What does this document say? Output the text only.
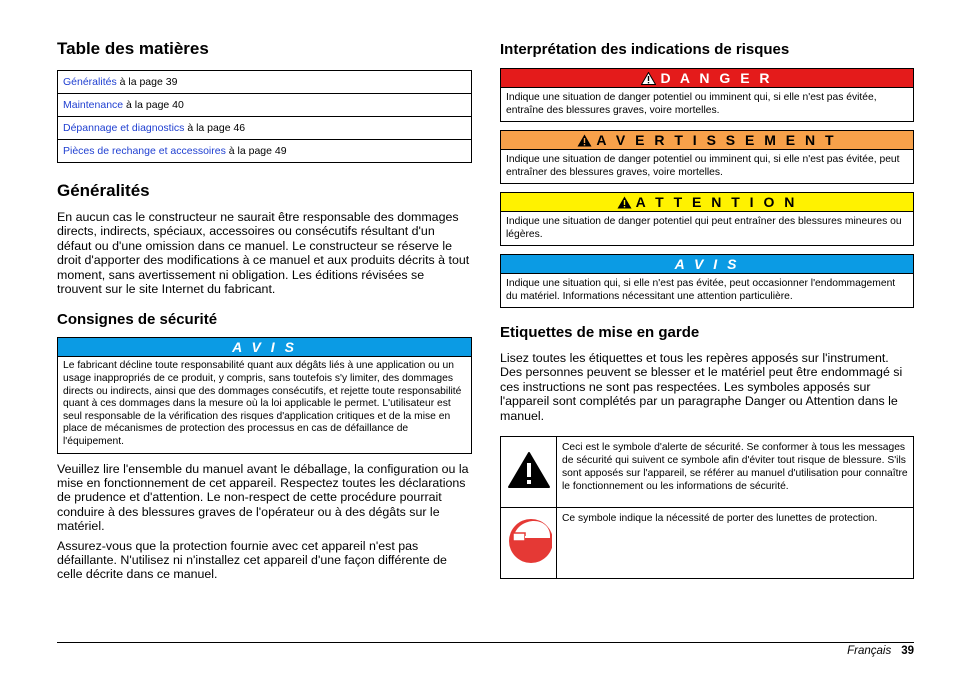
Table des matières
Généralités à la page 39
Maintenance à la page 40
Dépannage et diagnostics à la page 46
Pièces de rechange et accessoires à la page 49
Généralités

En aucun cas le constructeur ne saurait être responsable des dommages directs, indirects, spéciaux, accessoires ou consécutifs résultant d'un défaut ou d'une omission dans ce manuel. Le constructeur se réserve le droit d'apporter des modifications à ce manuel et aux produits décrits à tout moment, sans avertissement ni obligation. Les éditions révisées se trouvent sur le site Internet du fabricant.

Consignes de sécurité
A V I S
Le fabricant décline toute responsabilité quant aux dégâts liés à une application ou un usage inappropriés de ce produit, y compris, sans toutefois s'y limiter, des dommages directs ou indirects, ainsi que des dommages consécutifs, et rejette toute responsabilité quant à ces dommages dans la mesure où la loi applicable le permet. L'utilisateur est seul responsable de la vérification des risques d'application critiques et de la mise en place de mécanismes de protection des processus en cas de défaillance de l'équipement.

Veuillez lire l'ensemble du manuel avant le déballage, la configuration ou la mise en fonctionnement de cet appareil. Respectez toutes les déclarations de prudence et d'attention. Le non-respect de cette procédure pourrait conduire à des blessures graves de l'opérateur ou à des dégâts sur le matériel.

Assurez-vous que la protection fournie avec cet appareil n'est pas défaillante. N'utilisez ni n'installez cet appareil d'une façon différente de celle décrite dans ce manuel.

Interprétation des indications de risques
D A N G E R
Indique une situation de danger potentiel ou imminent qui, si elle n'est pas évitée, entraîne des blessures graves, voire mortelles.
A V E R T I S S E M E N T
Indique une situation de danger potentiel ou imminent qui, si elle n'est pas évitée, peut entraîner des blessures graves, voire mortelles.
A T T E N T I O N
Indique une situation de danger potentiel qui peut entraîner des blessures mineures ou légères.
A V I S
Indique une situation qui, si elle n'est pas évitée, peut occasionner l'endommagement du matériel. Informations nécessitant une attention particulière.
Etiquettes de mise en garde

Lisez toutes les étiquettes et tous les repères apposés sur l'instrument. Des personnes peuvent se blesser et le matériel peut être endommagé si ces instructions ne sont pas respectées. Les symboles apposés sur l'appareil sont complétés par un paragraphe Danger ou Attention dans le manuel.

	Ceci est le symbole d'alerte de sécurité. Se conformer à tous les messages de sécurité qui suivent ce symbole afin d'éviter tout risque de blessure. S'ils sont apposés sur l'appareil, se référer au manuel d'utilisation pour connaître le fonctionnement ou les informations de sécurité.
	Ce symbole indique la nécessité de porter des lunettes de protection.
Français 39
